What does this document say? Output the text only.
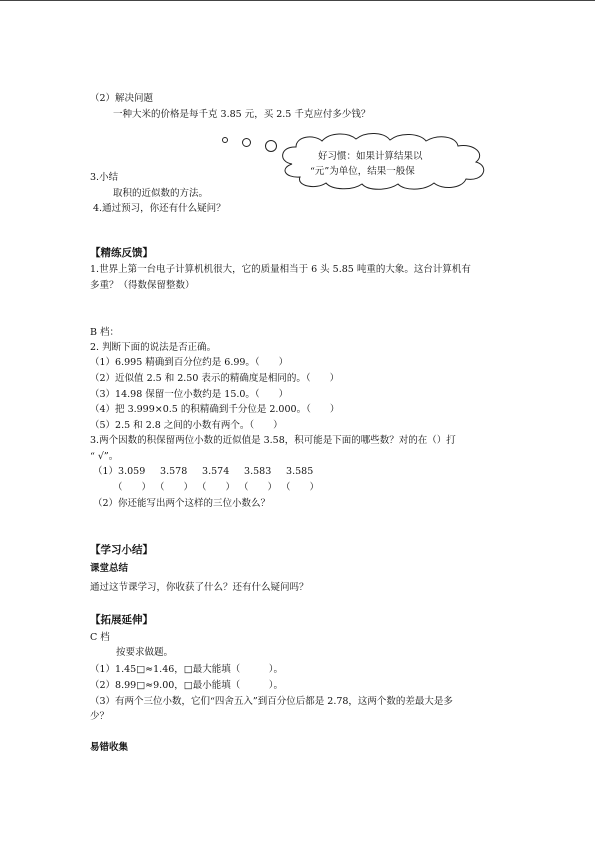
（2）解决问题
一种大米的价格是每千克 3.85 元，买 2.5 千克应付多少钱？
好习惯：如果计算结果以
“元”为单位，结果一般保
3.小结
取积的近似数的方法。
4.通过预习，你还有什么疑问？
【精练反馈】
1.世界上第一台电子计算机机很大，它的质量相当于 6 头 5.85 吨重的大象。这台计算机有
多重？（得数保留整数）
B 档：
2. 判断下面的说法是否正确。
（1）6.995 精确到百分位约是 6.99。（　　）
（2）近似值 2.5 和 2.50 表示的精确度是相同的。（　　）
（3）14.98 保留一位小数约是 15.0。（　　）
（4）把 3.999×0.5 的积精确到千分位是 2.000。（　　）
（5）2.5 和 2.8 之间的小数有两个。（　　）
3.两个因数的积保留两位小数的近似值是 3.58，积可能是下面的哪些数？对的在（）打
“ √”。
（1）3.059 3.578 3.574 3.583 3.585
（　　） （　　） （　　） （　　） （　　）
（2）你还能写出两个这样的三位小数么？
【学习小结】
课堂总结
通过这节课学习，你收获了什么？还有什么疑问吗？
【拓展延伸】
C 档
按要求做题。
（1）1.45□≈1.46，□最大能填（　　　）。
（2）8.99□≈9.00，□最小能填（　　　）。
（3）有两个三位小数，它们“四舍五入”到百分位后都是 2.78，这两个数的差最大是多
少？
易错收集
